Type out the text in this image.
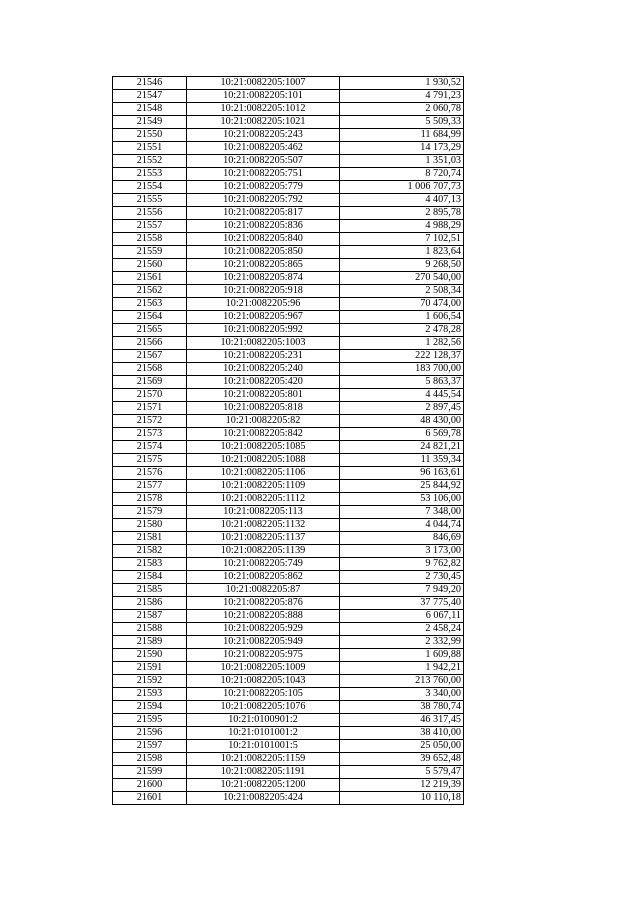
21546	10:21:0082205:1007	1 930,52
21547	10:21:0082205:101	4 791,23
21548	10:21:0082205:1012	2 060,78
21549	10:21:0082205:1021	5 509,33
21550	10:21:0082205:243	11 684,99
21551	10:21:0082205:462	14 173,29
21552	10:21:0082205:507	1 351,03
21553	10:21:0082205:751	8 720,74
21554	10:21:0082205:779	1 006 707,73
21555	10:21:0082205:792	4 407,13
21556	10:21:0082205:817	2 895,78
21557	10:21:0082205:836	4 988,29
21558	10:21:0082205:840	7 102,51
21559	10:21:0082205:850	1 823,64
21560	10:21:0082205:865	9 268,50
21561	10:21:0082205:874	270 540,00
21562	10:21:0082205:918	2 508,34
21563	10:21:0082205:96	70 474,00
21564	10:21:0082205:967	1 606,54
21565	10:21:0082205:992	2 478,28
21566	10:21:0082205:1003	1 282,56
21567	10:21:0082205:231	222 128,37
21568	10:21:0082205:240	183 700,00
21569	10:21:0082205:420	5 863,37
21570	10:21:0082205:801	4 445,54
21571	10:21:0082205:818	2 897,45
21572	10:21:0082205:82	48 430,00
21573	10:21:0082205:842	6 569,78
21574	10:21:0082205:1085	24 821,21
21575	10:21:0082205:1088	11 359,34
21576	10:21:0082205:1106	96 163,61
21577	10:21:0082205:1109	25 844,92
21578	10:21:0082205:1112	53 106,00
21579	10:21:0082205:113	7 348,00
21580	10:21:0082205:1132	4 044,74
21581	10:21:0082205:1137	846,69
21582	10:21:0082205:1139	3 173,00
21583	10:21:0082205:749	9 762,82
21584	10:21:0082205:862	2 730,45
21585	10:21:0082205:87	7 949,20
21586	10:21:0082205:876	37 775,40
21587	10:21:0082205:888	6 067,11
21588	10:21:0082205:929	2 458,24
21589	10:21:0082205:949	2 332,99
21590	10:21:0082205:975	1 609,88
21591	10:21:0082205:1009	1 942,21
21592	10:21:0082205:1043	213 760,00
21593	10:21:0082205:105	3 340,00
21594	10:21:0082205:1076	38 780,74
21595	10:21:0100901:2	46 317,45
21596	10:21:0101001:2	38 410,00
21597	10:21:0101001:5	25 050,00
21598	10:21:0082205:1159	39 652,48
21599	10:21:0082205:1191	5 579,47
21600	10:21:0082205:1200	12 219,39
21601	10:21:0082205:424	10 110,18
